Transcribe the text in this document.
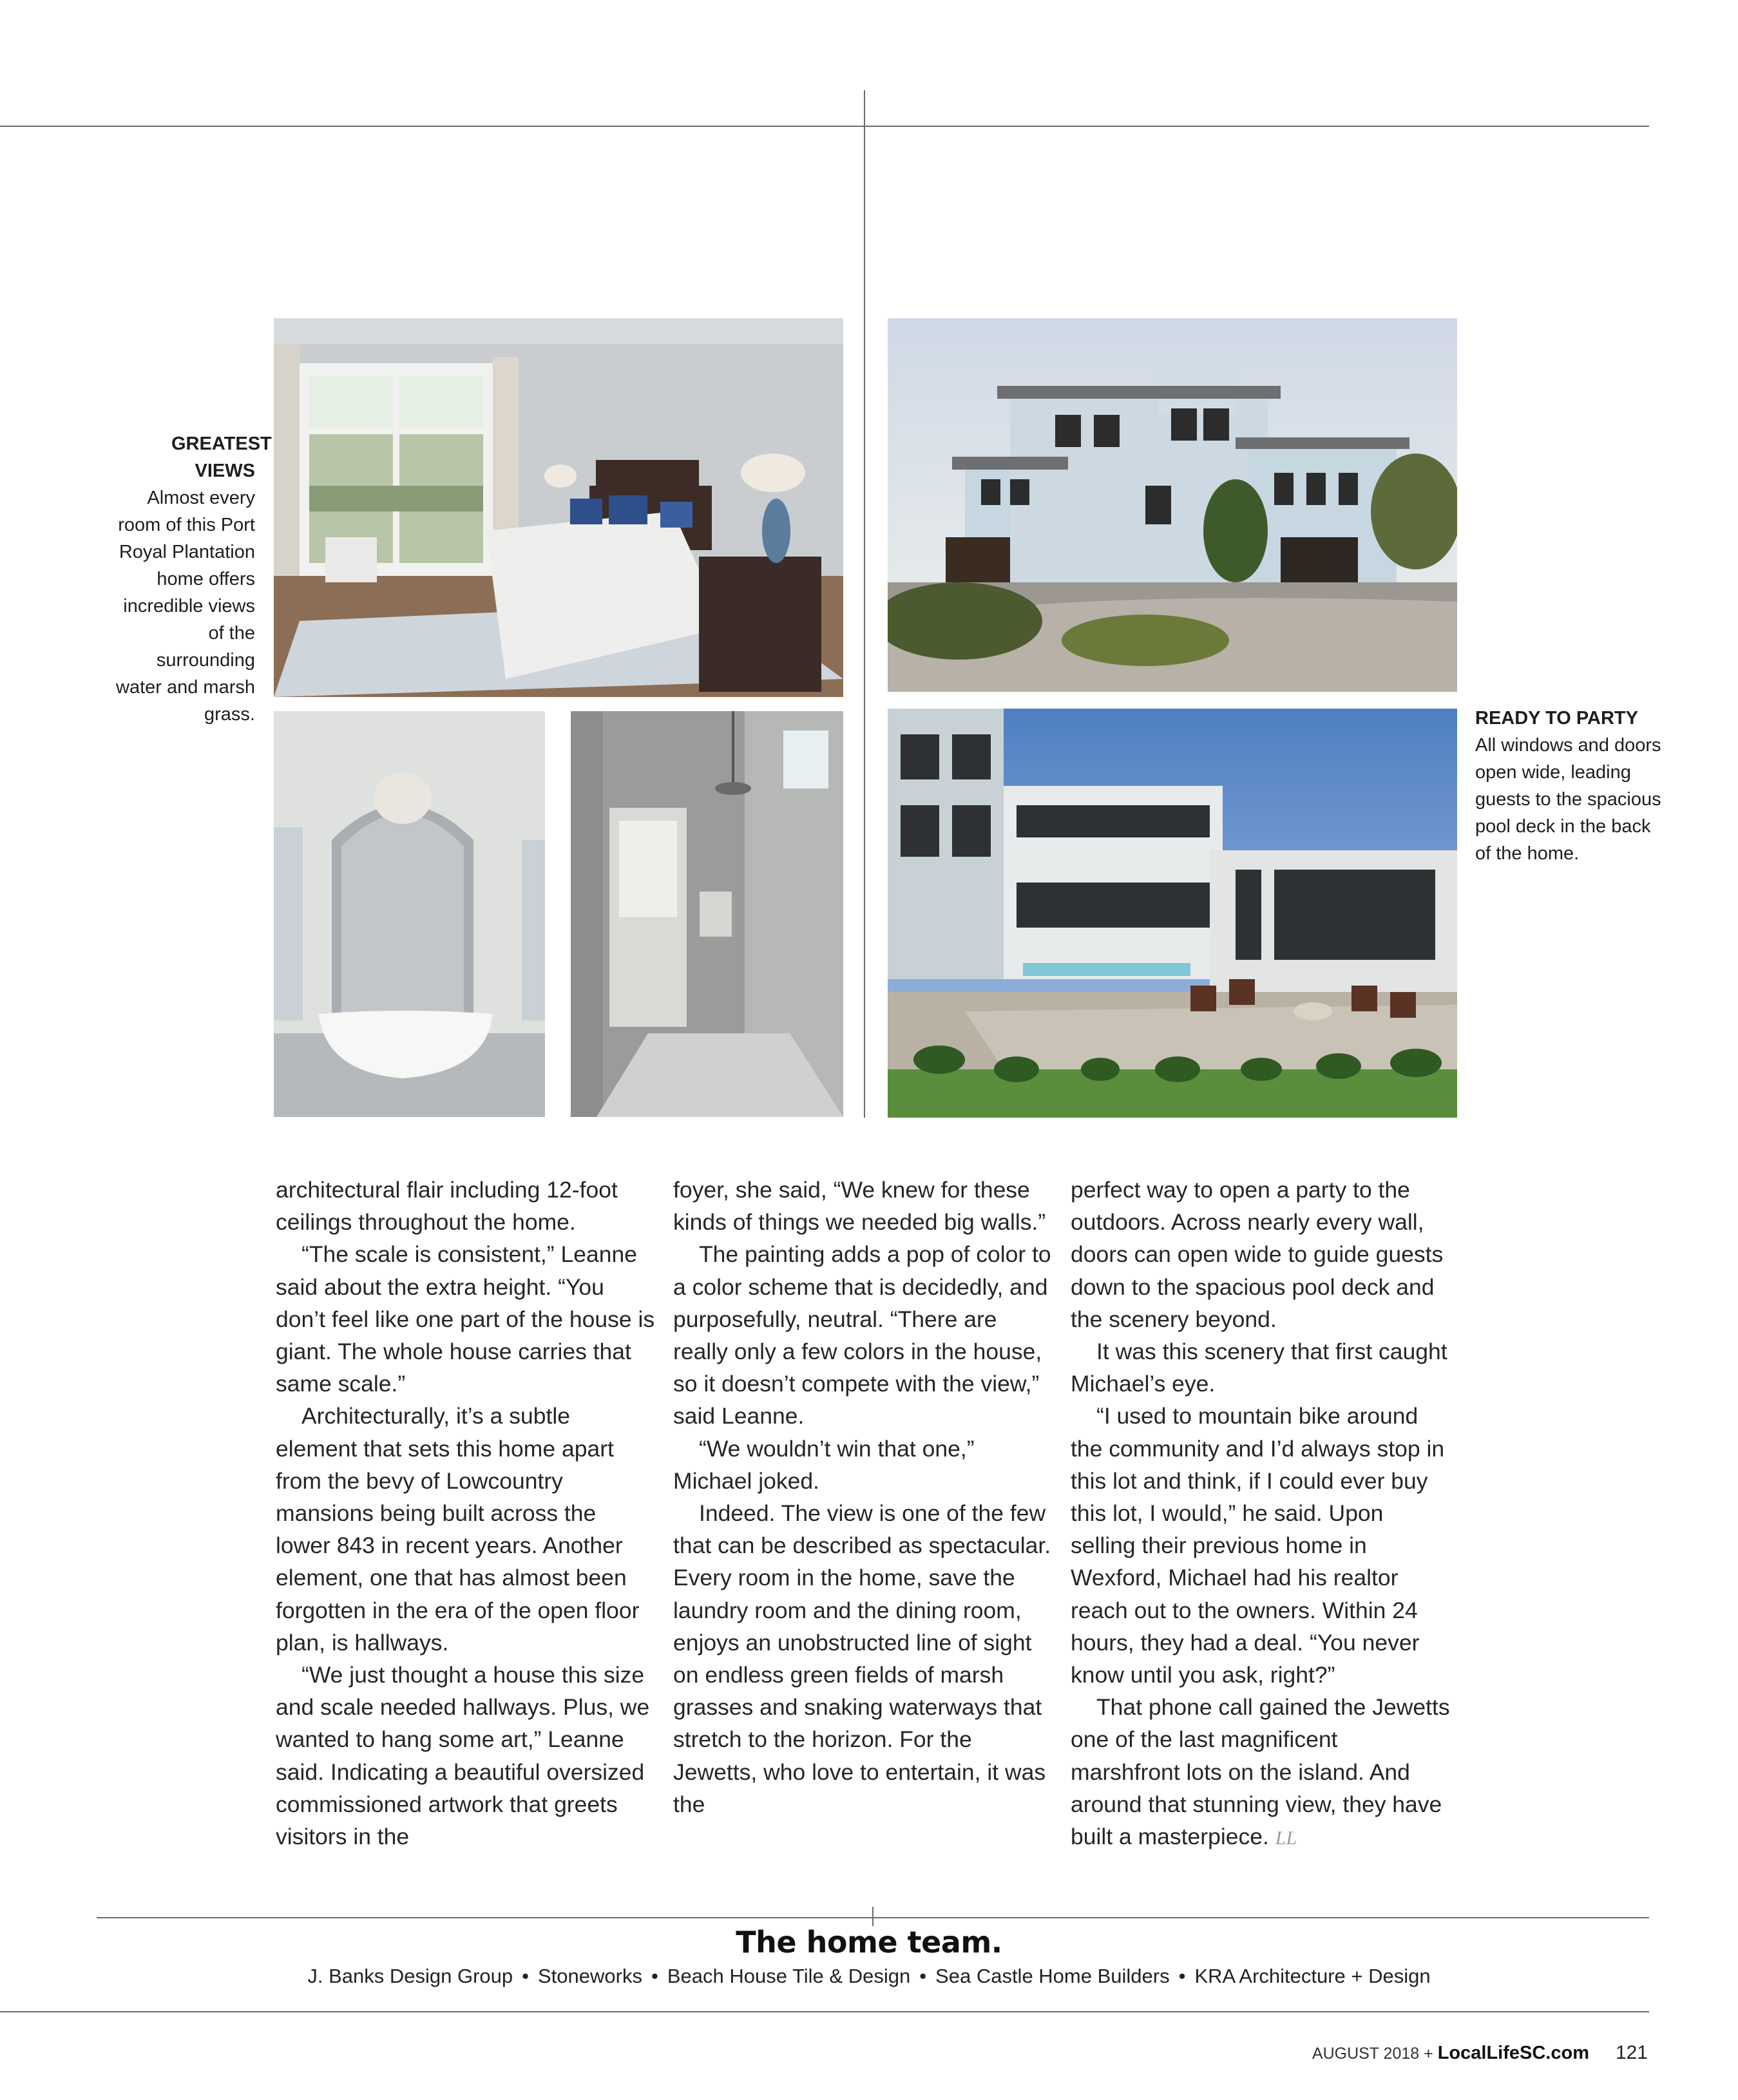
GREATEST VIEWS
Almost every room of this Port Royal Plantation home offers incredible views of the surrounding water and marsh grass.	READY TO PARTY
All windows and doors open wide, leading guests to the spacious pool deck in the back of the home.

architectural flair including 12-foot ceilings throughout the home.

“The scale is consistent,” Leanne said about the extra height. “You don’t feel like one part of the house is giant. The whole house carries that same scale.”

Architecturally, it’s a subtle element that sets this home apart from the bevy of Lowcountry mansions being built across the lower 843 in recent years. Another element, one that has almost been forgotten in the era of the open floor plan, is hallways.

“We just thought a house this size and scale needed hallways. Plus, we wanted to hang some art,” Leanne said. Indicating a beautiful oversized commissioned artwork that greets visitors in the

foyer, she said, “We knew for these kinds of things we needed big walls.”

The painting adds a pop of color to a color scheme that is decidedly, and purposefully, neutral. “There are really only a few colors in the house, so it doesn’t compete with the view,” said Leanne.

“We wouldn’t win that one,” Michael joked.

Indeed. The view is one of the few that can be described as spectacular. Every room in the home, save the laundry room and the dining room, enjoys an unobstructed line of sight on endless green fields of marsh grasses and snaking waterways that stretch to the horizon. For the Jewetts, who love to entertain, it was the

perfect way to open a party to the outdoors. Across nearly every wall, doors can open wide to guide guests down to the spacious pool deck and the scenery beyond.

It was this scenery that first caught Michael’s eye.

“I used to mountain bike around the community and I’d always stop in this lot and think, if I could ever buy this lot, I would,” he said. Upon selling their previous home in Wexford, Michael had his realtor reach out to the owners. Within 24 hours, they had a deal. “You never know until you ask, right?”

That phone call gained the Jewetts one of the last magnificent marshfront lots on the island. And around that stunning view, they have built a masterpiece. LL

The home team.
J. Banks Design Group • Stoneworks • Beach House Tile & Design • Sea Castle Home Builders • KRA Architecture + Design
AUGUST 2018 + LocalLifeSC.com 121
